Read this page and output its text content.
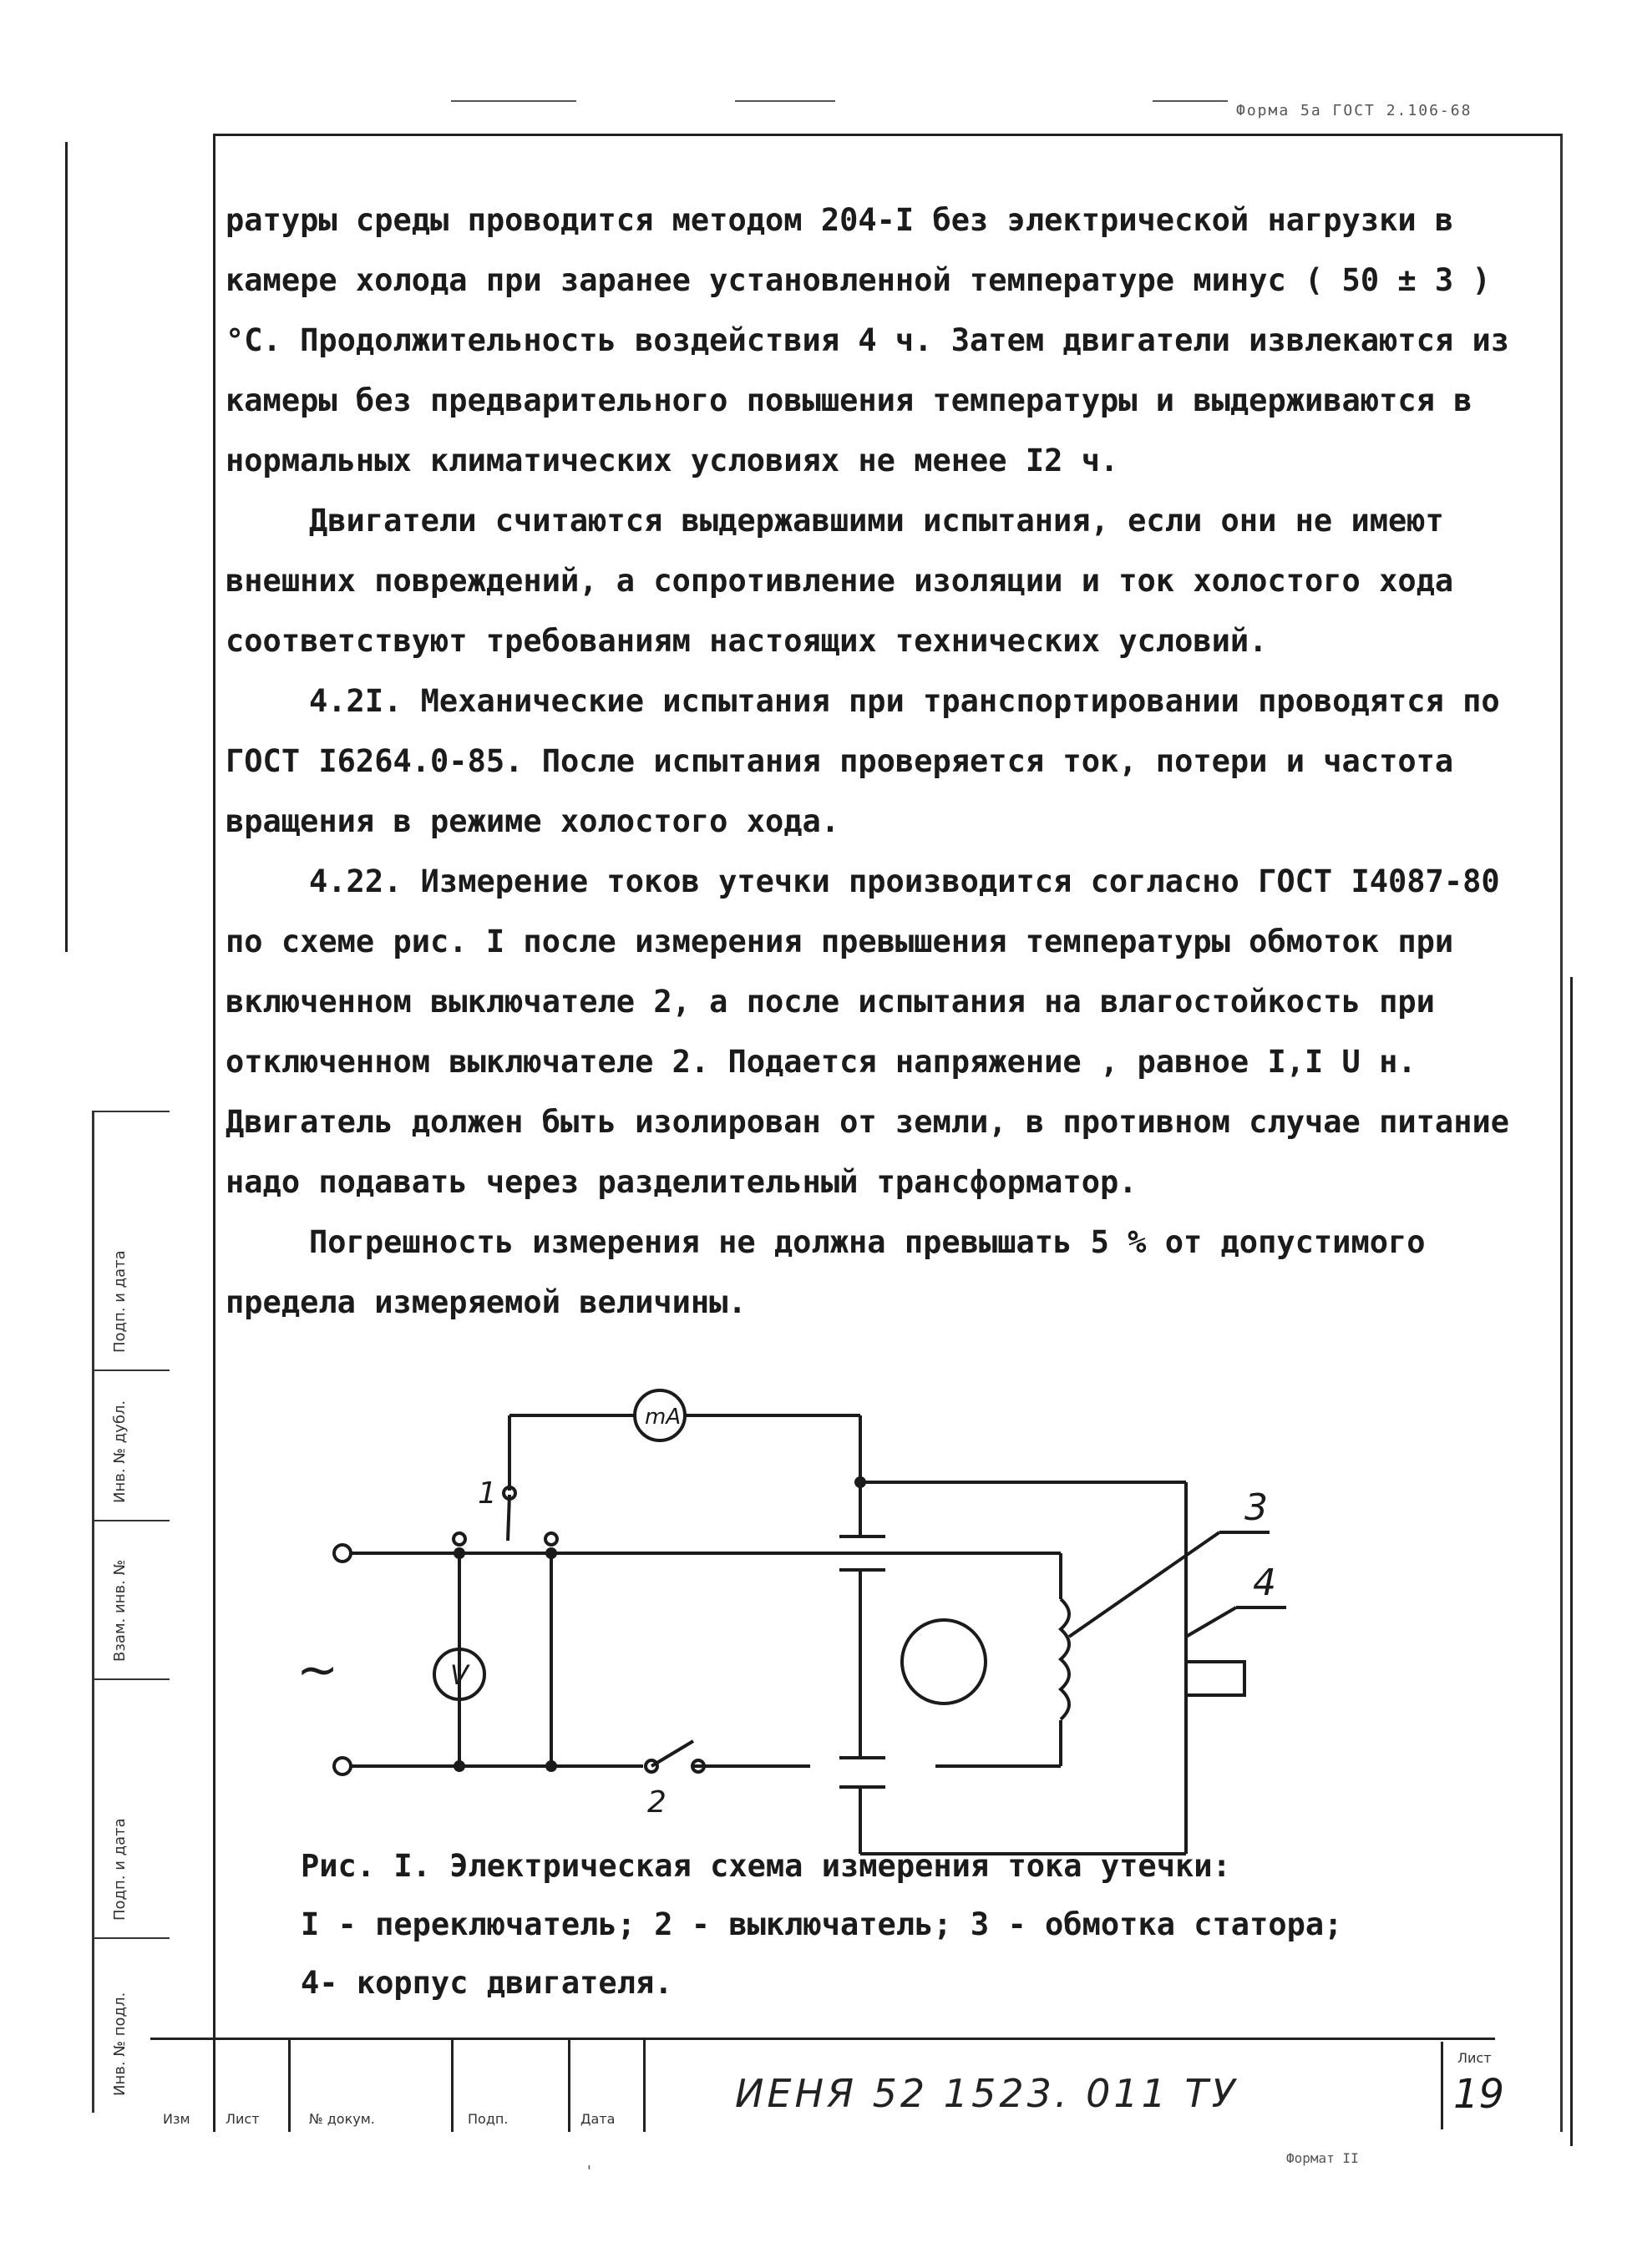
Форма 5а ГОСТ 2.106-68

ратуры среды проводится методом 204-I без электрической нагрузки в камере холода при заранее установленной температуре минус ( 50 ± 3 ) °С. Продолжительность воздействия 4 ч. Затем двигатели извлекаются из камеры без предварительного повышения температуры и выдерживаются в нормальных климатических условиях не менее I2 ч.

Двигатели считаются выдержавшими испытания, если они не имеют внешних повреждений, а сопротивление изоляции и ток холостого хода соответствуют требованиям настоящих технических условий.

4.2I. Механические испытания при транспортировании проводятся по ГОСТ I6264.0-85. После испытания проверяется ток, потери и частота вращения в режиме холостого хода.

4.22. Измерение токов утечки производится согласно ГОСТ I4087-80 по схеме рис. I после измерения превышения температуры обмоток при включенном выключателе 2, а после испытания на влагостойкость при отключенном выключателе 2. Подается напряжение , равное I,I U н. Двигатель должен быть изолирован от земли, в противном случае питание надо подавать через разделительный трансформатор.

Погрешность измерения не должна превышать 5 % от допустимого предела измеряемой величины.

mA
V
~
1
2
3
4

Рис. I. Электрическая схема измерения тока утечки:

I - переключатель; 2 - выключатель; 3 - обмотка статора;

4- корпус двигателя.

Подп. и дата
Инв. № дубл.
Взам. инв. №
Подп. и дата
Инв. № подл.
Изм	Лист	№ докум.	Подп.	Дата
ИЕНЯ 52 1523. 011 ТУ
Лист
19
Формат II
'
